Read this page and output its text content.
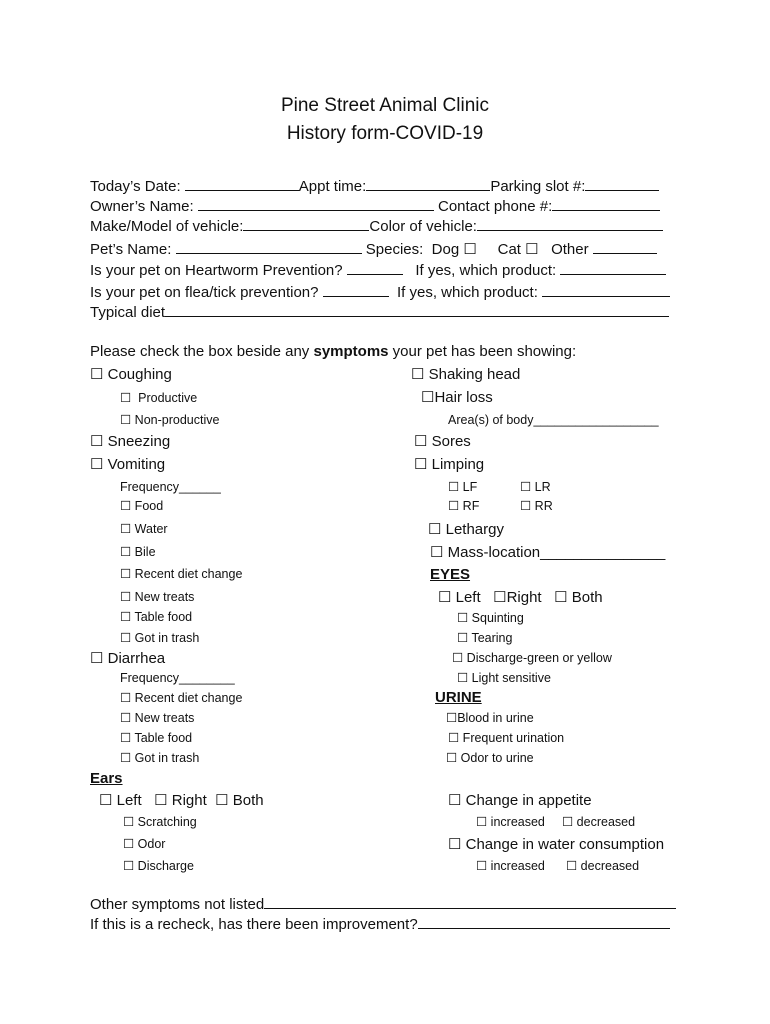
Pine Street Animal Clinic
History form-COVID-19
Today’s Date:	Appt time:	Parking slot #:
Owner’s Name:	Contact phone #:
Make/Model of vehicle:	Color of vehicle:
Pet’s Name:	Species:  Dog ☐     Cat ☐   Other
Is your pet on Heartworm Prevention?	If yes, which product:
Is your pet on flea/tick prevention?	If yes, which product:
Typical diet
Please check the box beside any symptoms your pet has been showing:
☐ Coughing
☐  Productive
☐ Non-productive
☐ Sneezing
☐ Vomiting
Frequency______
☐ Food
☐ Water
☐ Bile
☐ Recent diet change
☐ New treats
☐ Table food
☐ Got in trash
☐ Diarrhea
Frequency________
☐ Recent diet change
☐ New treats
☐ Table food
☐ Got in trash
Ears
☐ Left   ☐ Right  ☐ Both
☐ Scratching
☐ Odor
☐ Discharge
☐ Shaking head
☐Hair loss
Area(s) of body__________________
☐ Sores
☐ Limping
☐ LF	☐ LR
☐ RF	☐ RR
☐ Lethargy
☐ Mass-location_______________
EYES
☐ Left   ☐Right   ☐ Both
☐ Squinting
☐ Tearing
☐ Discharge-green or yellow
☐ Light sensitive
URINE
☐Blood in urine
☐ Frequent urination
☐ Odor to urine
☐ Change in appetite
☐ increased ☐ decreased
☐ Change in water consumption
☐ increased ☐ decreased
Other symptoms not listed
If this is a recheck, has there been improvement?
